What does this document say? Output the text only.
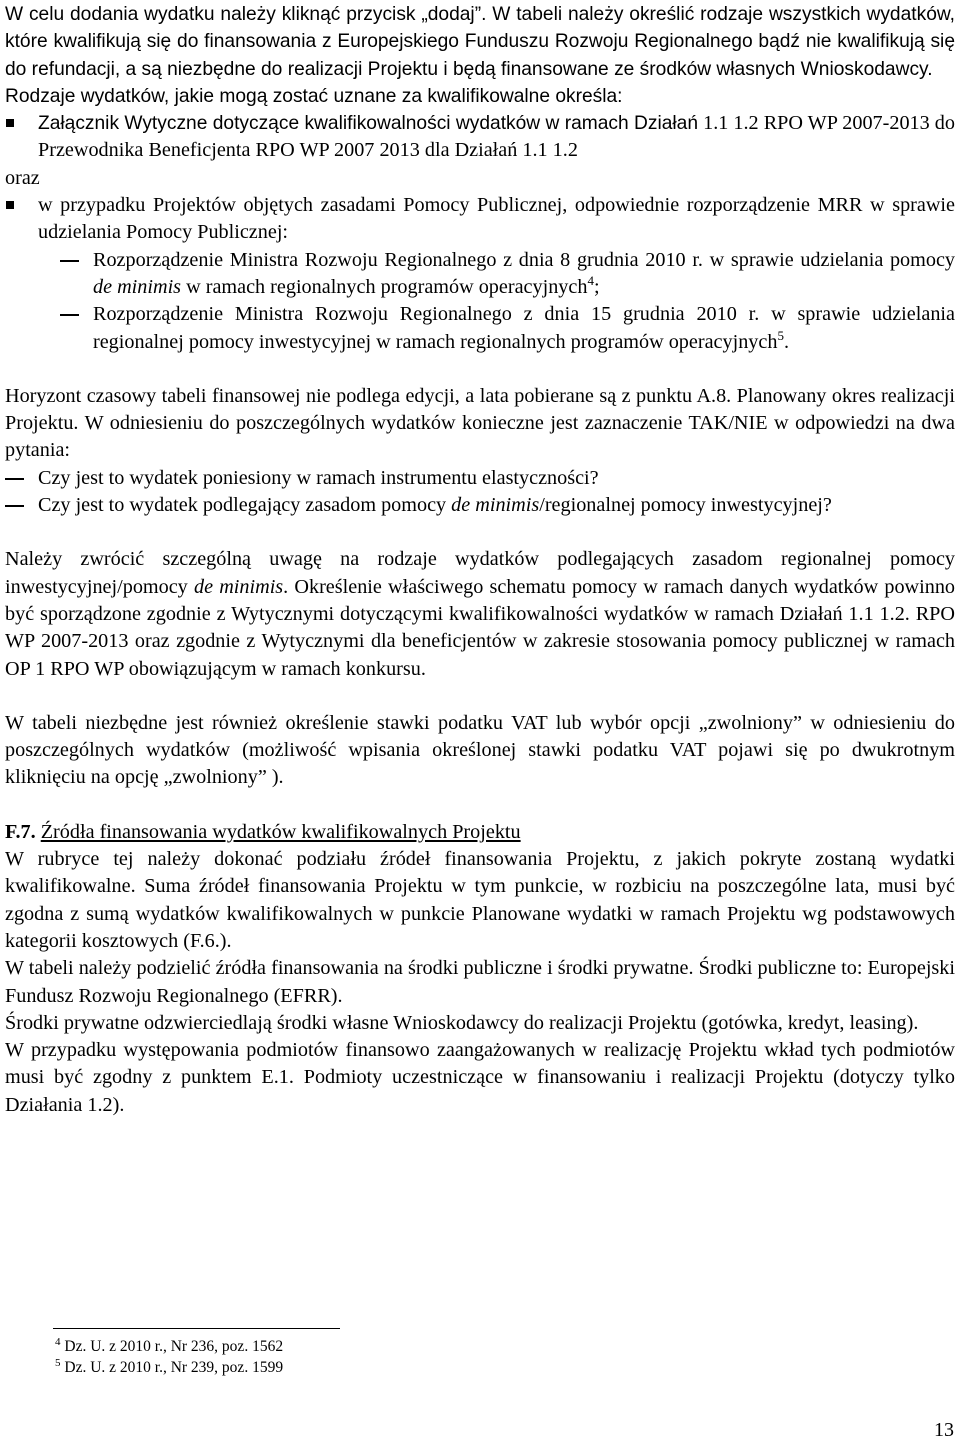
W celu dodania wydatku należy kliknąć przycisk „dodaj”. W tabeli należy określić rodzaje wszystkich wydatków, które kwalifikują się do finansowania z Europejskiego Funduszu Rozwoju Regionalnego bądź nie kwalifikują się do refundacji, a są niezbędne do realizacji Projektu i będą finansowane ze środków własnych Wnioskodawcy.

Rodzaje wydatków, jakie mogą zostać uznane za kwalifikowalne określa:

Załącznik Wytyczne dotyczące kwalifikowalności wydatków w ramach Działań 1.1 1.2 RPO WP 2007-2013 do Przewodnika Beneficjenta RPO WP 2007 2013 dla Działań 1.1 1.2

oraz

w przypadku Projektów objętych zasadami Pomocy Publicznej, odpowiednie rozporządzenie MRR w sprawie udzielania Pomocy Publicznej:
Rozporządzenie Ministra Rozwoju Regionalnego z dnia 8 grudnia 2010 r. w sprawie udzielania pomocy de minimis w ramach regionalnych programów operacyjnych$^4$;
Rozporządzenie Ministra Rozwoju Regionalnego z dnia 15 grudnia 2010 r. w sprawie udzielania regionalnej pomocy inwestycyjnej w ramach regionalnych programów operacyjnych$^5$.

Horyzont czasowy tabeli finansowej nie podlega edycji, a lata pobierane są z punktu A.8. Planowany okres realizacji Projektu. W odniesieniu do poszczególnych wydatków konieczne jest zaznaczenie TAK/NIE w odpowiedzi na dwa pytania:

Czy jest to wydatek poniesiony w ramach instrumentu elastyczności?
Czy jest to wydatek podlegający zasadom pomocy de minimis/regionalnej pomocy inwestycyjnej?

Należy zwrócić szczególną uwagę na rodzaje wydatków podlegających zasadom regionalnej pomocy inwestycyjnej/pomocy de minimis. Określenie właściwego schematu pomocy w ramach danych wydatków powinno być sporządzone zgodnie z Wytycznymi dotyczącymi kwalifikowalności wydatków w ramach Działań 1.1 1.2. RPO WP 2007-2013 oraz zgodnie z Wytycznymi dla beneficjentów w zakresie stosowania pomocy publicznej w ramach OP 1 RPO WP obowiązującym w ramach konkursu.

W tabeli niezbędne jest również określenie stawki podatku VAT lub wybór opcji „zwolniony” w odniesieniu do poszczególnych wydatków (możliwość wpisania określonej stawki podatku VAT pojawi się po dwukrotnym kliknięciu na opcję „zwolniony” ).

F.7. Źródła finansowania wydatków kwalifikowalnych Projektu

W rubryce tej należy dokonać podziału źródeł finansowania Projektu, z jakich pokryte zostaną wydatki kwalifikowalne. Suma źródeł finansowania Projektu w tym punkcie, w rozbiciu na poszczególne lata, musi być zgodna z sumą wydatków kwalifikowalnych w punkcie Planowane wydatki w ramach Projektu wg podstawowych kategorii kosztowych (F.6.).

W tabeli należy podzielić źródła finansowania na środki publiczne i środki prywatne. Środki publiczne to: Europejski Fundusz Rozwoju Regionalnego (EFRR).

Środki prywatne odzwierciedlają środki własne Wnioskodawcy do realizacji Projektu (gotówka, kredyt, leasing).

W przypadku występowania podmiotów finansowo zaangażowanych w realizację Projektu wkład tych podmiotów musi być zgodny z punktem E.1. Podmioty uczestniczące w finansowaniu i realizacji Projektu (dotyczy tylko Działania 1.2).

$^4$ Dz. U. z 2010 r., Nr 236, poz. 1562
$^5$ Dz. U. z 2010 r., Nr 239, poz. 1599
13
